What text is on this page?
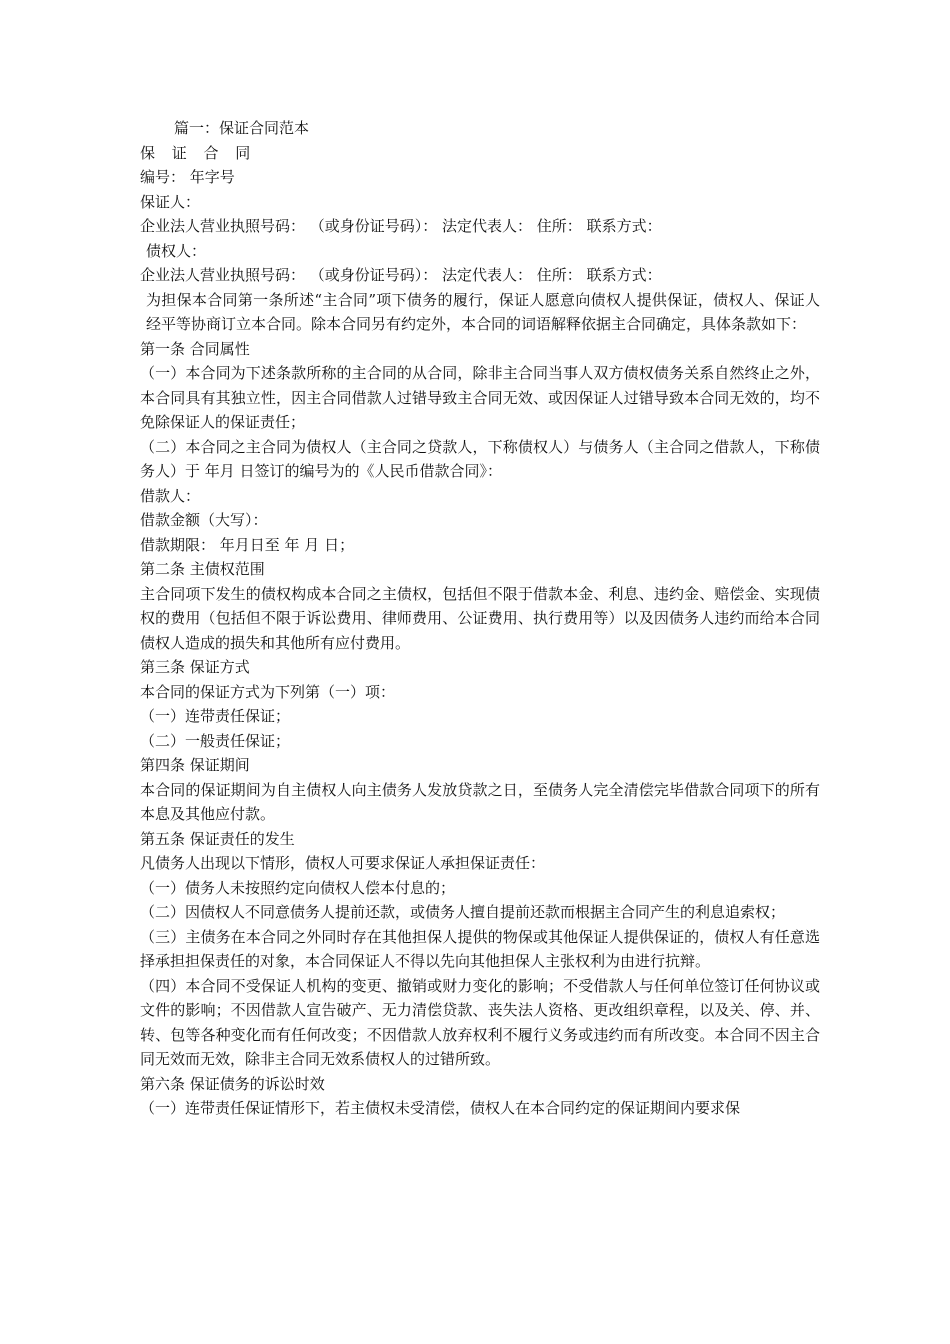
篇一：保证合同范本

保 证 合 同

编号： 年字号

保证人：

企业法人营业执照号码： （或身份证号码）： 法定代表人： 住所： 联系方式：

债权人：

企业法人营业执照号码： （或身份证号码）： 法定代表人： 住所： 联系方式：

为担保本合同第一条所述“主合同”项下债务的履行，保证人愿意向债权人提供保证，债权人、保证人经平等协商订立本合同。除本合同另有约定外，本合同的词语解释依据主合同确定，具体条款如下：

第一条 合同属性

（一）本合同为下述条款所称的主合同的从合同，除非主合同当事人双方债权债务关系自然终止之外，本合同具有其独立性，因主合同借款人过错导致主合同无效、或因保证人过错导致本合同无效的，均不免除保证人的保证责任；

（二）本合同之主合同为债权人（主合同之贷款人，下称债权人）与债务人（主合同之借款人，下称债务人）于 年月 日签订的编号为的《人民币借款合同》：

借款人：

借款金额（大写）：

借款期限： 年月日至 年 月 日；

第二条 主债权范围

主合同项下发生的债权构成本合同之主债权，包括但不限于借款本金、利息、违约金、赔偿金、实现债权的费用（包括但不限于诉讼费用、律师费用、公证费用、执行费用等）以及因债务人违约而给本合同债权人造成的损失和其他所有应付费用。

第三条 保证方式

本合同的保证方式为下列第（一）项：

（一）连带责任保证；

（二）一般责任保证；

第四条 保证期间

本合同的保证期间为自主债权人向主债务人发放贷款之日，至债务人完全清偿完毕借款合同项下的所有本息及其他应付款。

第五条 保证责任的发生

凡债务人出现以下情形，债权人可要求保证人承担保证责任：

（一）债务人未按照约定向债权人偿本付息的；

（二）因债权人不同意债务人提前还款，或债务人擅自提前还款而根据主合同产生的利息追索权；

（三）主债务在本合同之外同时存在其他担保人提供的物保或其他保证人提供保证的，债权人有任意选择承担担保责任的对象，本合同保证人不得以先向其他担保人主张权利为由进行抗辩。

（四）本合同不受保证人机构的变更、撤销或财力变化的影响；不受借款人与任何单位签订任何协议或文件的影响；不因借款人宣告破产、无力清偿贷款、丧失法人资格、更改组织章程，以及关、停、并、转、包等各种变化而有任何改变；不因借款人放弃权利不履行义务或违约而有所改变。本合同不因主合同无效而无效，除非主合同无效系债权人的过错所致。

第六条 保证债务的诉讼时效

（一）连带责任保证情形下，若主债权未受清偿，债权人在本合同约定的保证期间内要求保
